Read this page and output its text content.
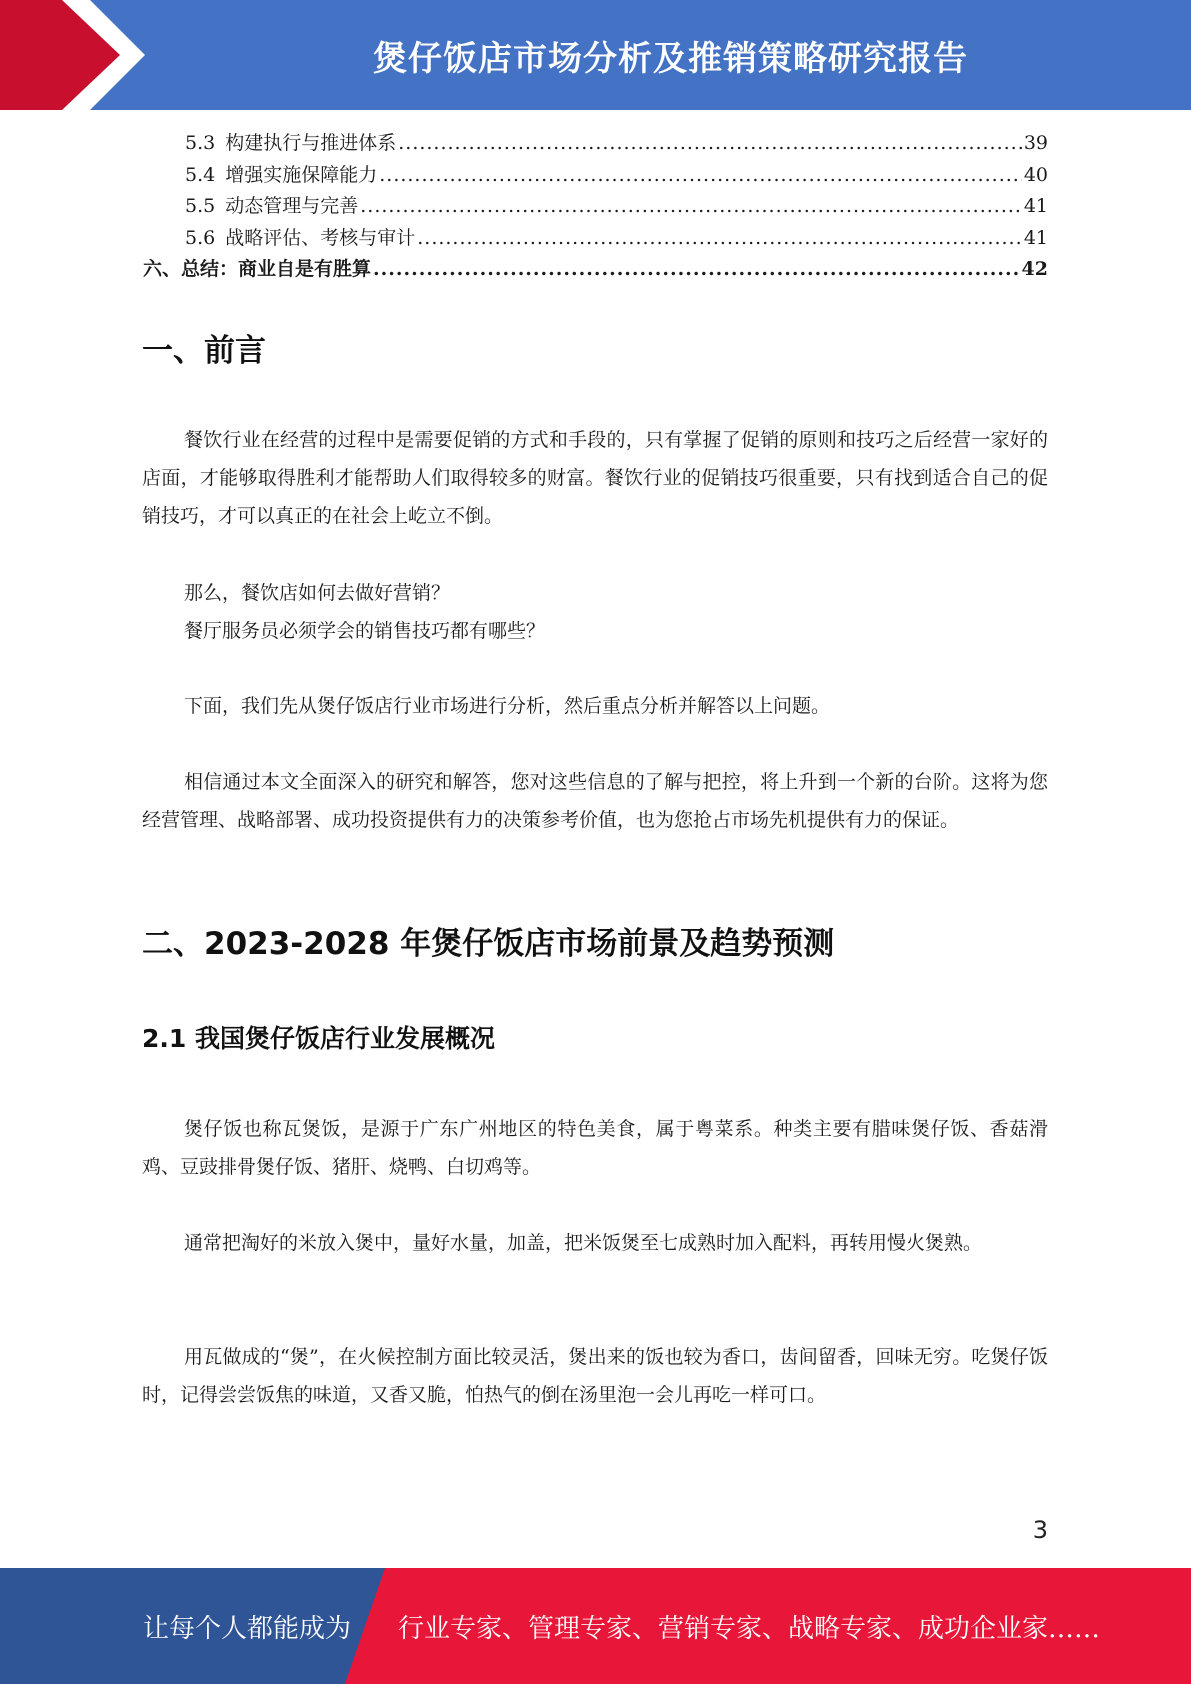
煲仔饭店市场分析及推销策略研究报告
5.3 构建执行与推进体系 .....	39
5.4 增强实施保障能力 .....	40
5.5 动态管理与完善 .....	41
5.6 战略评估、考核与审计 .....	41
六、总结：商业自是有胜算 .....	42
一、前言

餐饮行业在经营的过程中是需要促销的方式和手段的，只有掌握了促销的原则和技巧之后经营一家好的店面，才能够取得胜利才能帮助人们取得较多的财富。餐饮行业的促销技巧很重要，只有找到适合自己的促销技巧，才可以真正的在社会上屹立不倒。

那么，餐饮店如何去做好营销？
餐厅服务员必须学会的销售技巧都有哪些？

下面，我们先从煲仔饭店行业市场进行分析，然后重点分析并解答以上问题。

相信通过本文全面深入的研究和解答，您对这些信息的了解与把控，将上升到一个新的台阶。这将为您经营管理、战略部署、成功投资提供有力的决策参考价值，也为您抢占市场先机提供有力的保证。

二、2023-2028 年煲仔饭店市场前景及趋势预测
2.1 我国煲仔饭店行业发展概况

煲仔饭也称瓦煲饭，是源于广东广州地区的特色美食，属于粤菜系。种类主要有腊味煲仔饭、香菇滑鸡、豆豉排骨煲仔饭、猪肝、烧鸭、白切鸡等。

通常把淘好的米放入煲中，量好水量，加盖，把米饭煲至七成熟时加入配料，再转用慢火煲熟。

用瓦做成的“煲”，在火候控制方面比较灵活，煲出来的饭也较为香口，齿间留香，回味无穷。吃煲仔饭时，记得尝尝饭焦的味道，又香又脆，怕热气的倒在汤里泡一会儿再吃一样可口。

3
让每个人都能成为	行业专家、管理专家、营销专家、战略专家、成功企业家……
